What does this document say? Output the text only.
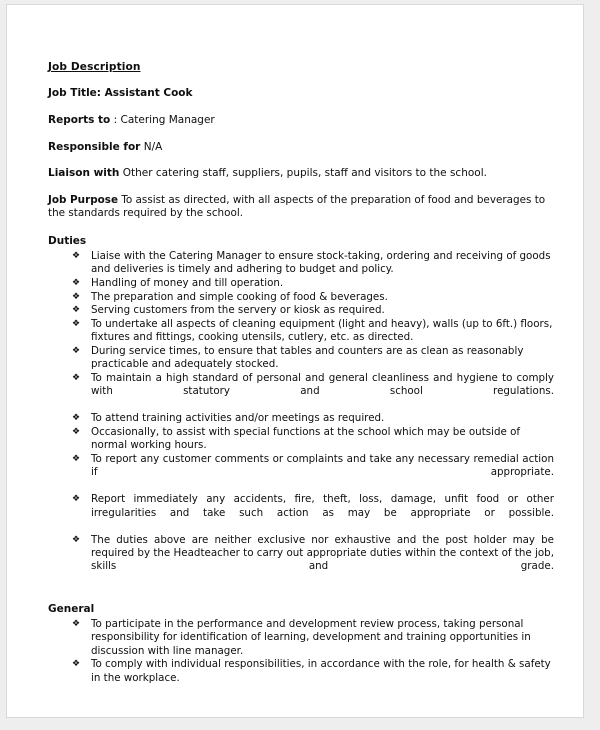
Job Description
Job Title: Assistant Cook
Reports to : Catering Manager
Responsible for N/A
Liaison with Other catering staff, suppliers, pupils, staff and visitors to the school.
Job Purpose To assist as directed, with all aspects of the preparation of food and beverages to the standards required by the school.
Duties
❖ Liaise with the Catering Manager to ensure stock-taking, ordering and receiving of goods and deliveries is timely and adhering to budget and policy.
❖ Handling of money and till operation.
❖ The preparation and simple cooking of food & beverages.
❖ Serving customers from the servery or kiosk as required.
❖ To undertake all aspects of cleaning equipment (light and heavy), walls (up to 6ft.) floors, fixtures and fittings, cooking utensils, cutlery, etc. as directed.
❖ During service times, to ensure that tables and counters are as clean as reasonably practicable and adequately stocked.
❖ To maintain a high standard of personal and general cleanliness and hygiene to comply with statutory and school regulations.
❖ To attend training activities and/or meetings as required.
❖ Occasionally, to assist with special functions at the school which may be outside of normal working hours.
❖ To report any customer comments or complaints and take any necessary remedial action if appropriate.
❖ Report immediately any accidents, fire, theft, loss, damage, unfit food or other irregularities and take such action as may be appropriate or possible.
❖ The duties above are neither exclusive nor exhaustive and the post holder may be required by the Headteacher to carry out appropriate duties within the context of the job, skills and grade.
General
❖ To participate in the performance and development review process, taking personal responsibility for identification of learning, development and training opportunities in discussion with line manager.
❖ To comply with individual responsibilities, in accordance with the role, for health & safety in the workplace.
